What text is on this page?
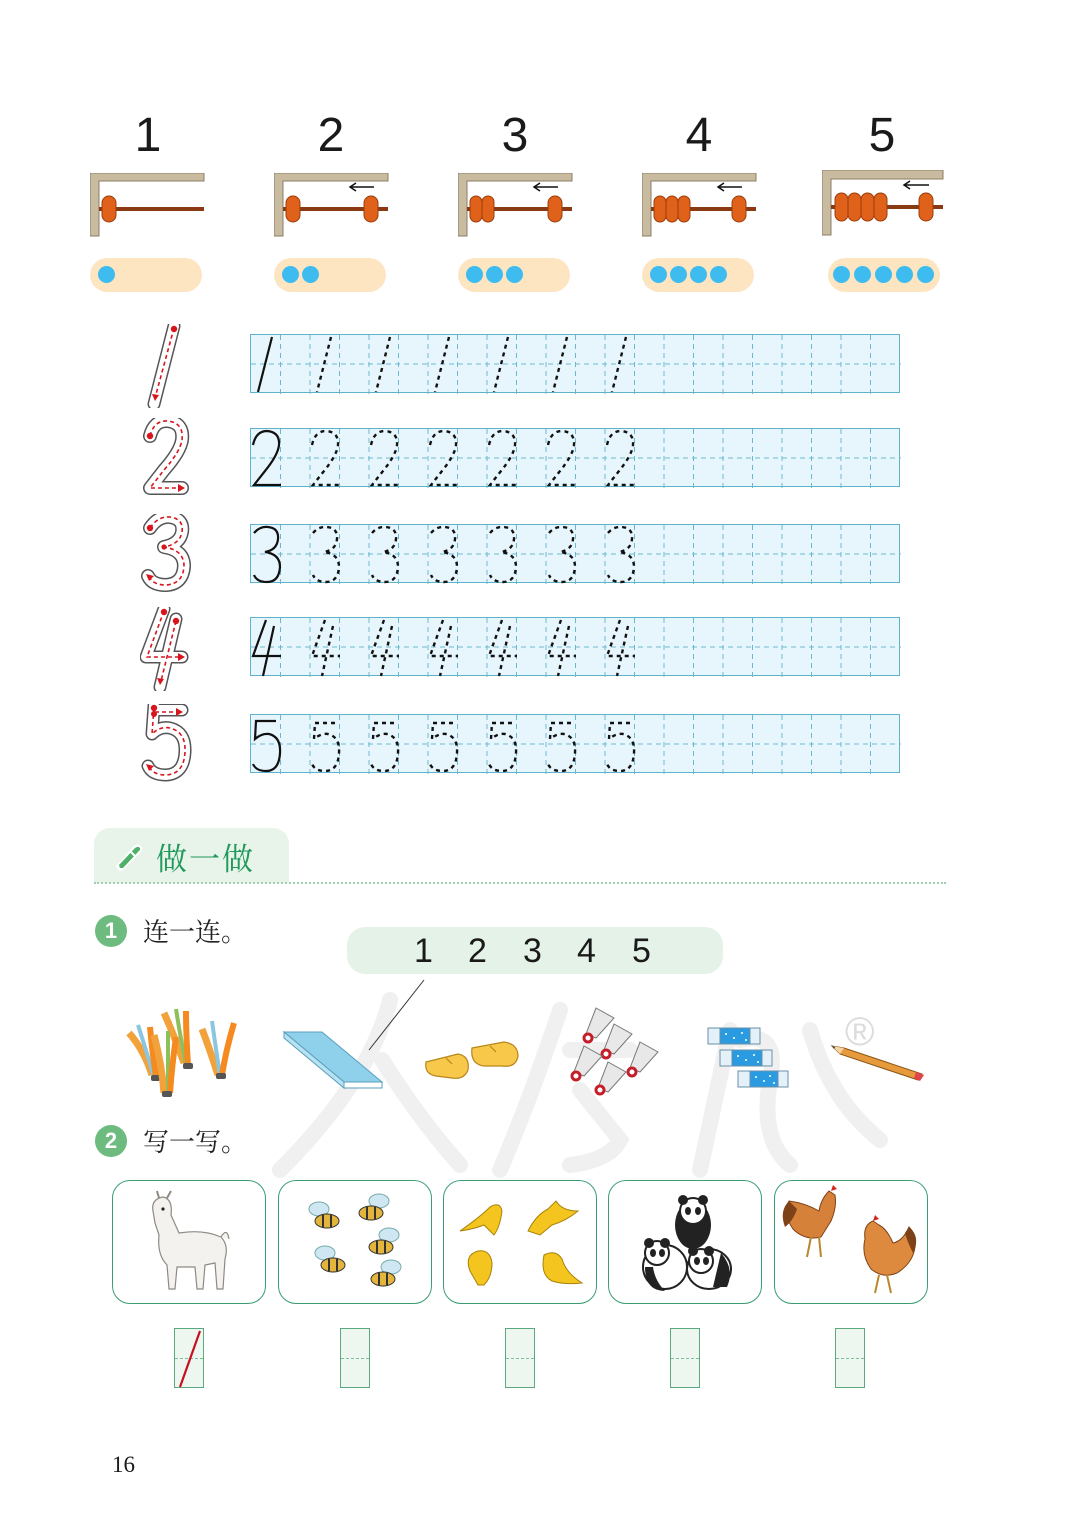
1	2	3	4	5
做一做
®
1 连一连。	1 2 3 4 5
2 写一写。
16
